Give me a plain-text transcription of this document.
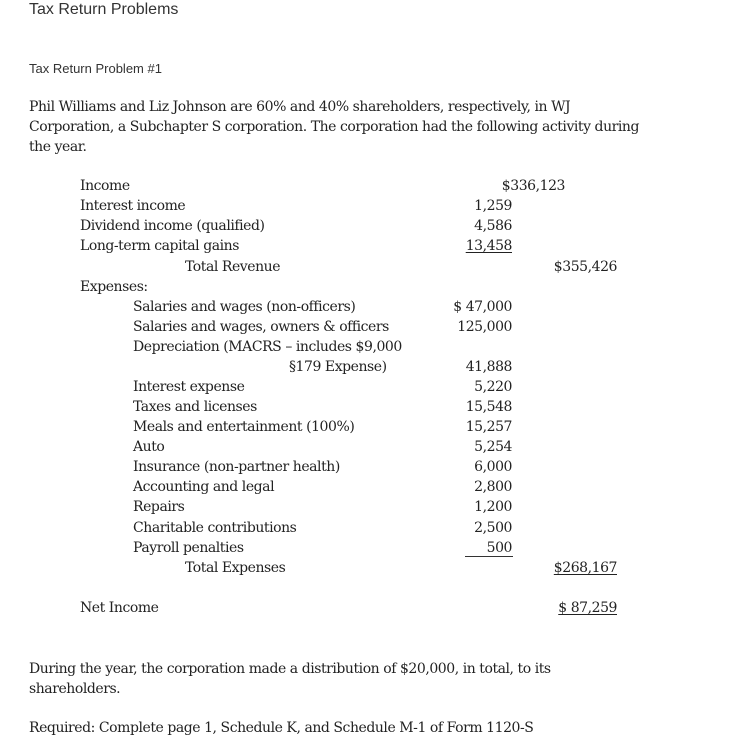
Tax Return Problems
Tax Return Problem #1
Phil Williams and Liz Johnson are 60% and 40% shareholders, respectively, in WJ Corporation, a Subchapter S corporation. The corporation had the following activity during the year.
Income	$336,123
Interest income	1,259
Dividend income (qualified)	4,586
Long-term capital gains	13,458
Total Revenue	$355,426
Expenses:
Salaries and wages (non-officers)	$ 47,000
Salaries and wages, owners & officers	125,000
Depreciation (MACRS – includes $9,000
§179 Expense)	41,888
Interest expense	5,220
Taxes and licenses	15,548
Meals and entertainment (100%)	15,257
Auto	5,254
Insurance (non-partner health)	6,000
Accounting and legal	2,800
Repairs	1,200
Charitable contributions	2,500
Payroll penalties	500
Total Expenses	$268,167
Net Income	$ 87,259
During the year, the corporation made a distribution of $20,000, in total, to its shareholders.
Required: Complete page 1, Schedule K, and Schedule M-1 of Form 1120-S
